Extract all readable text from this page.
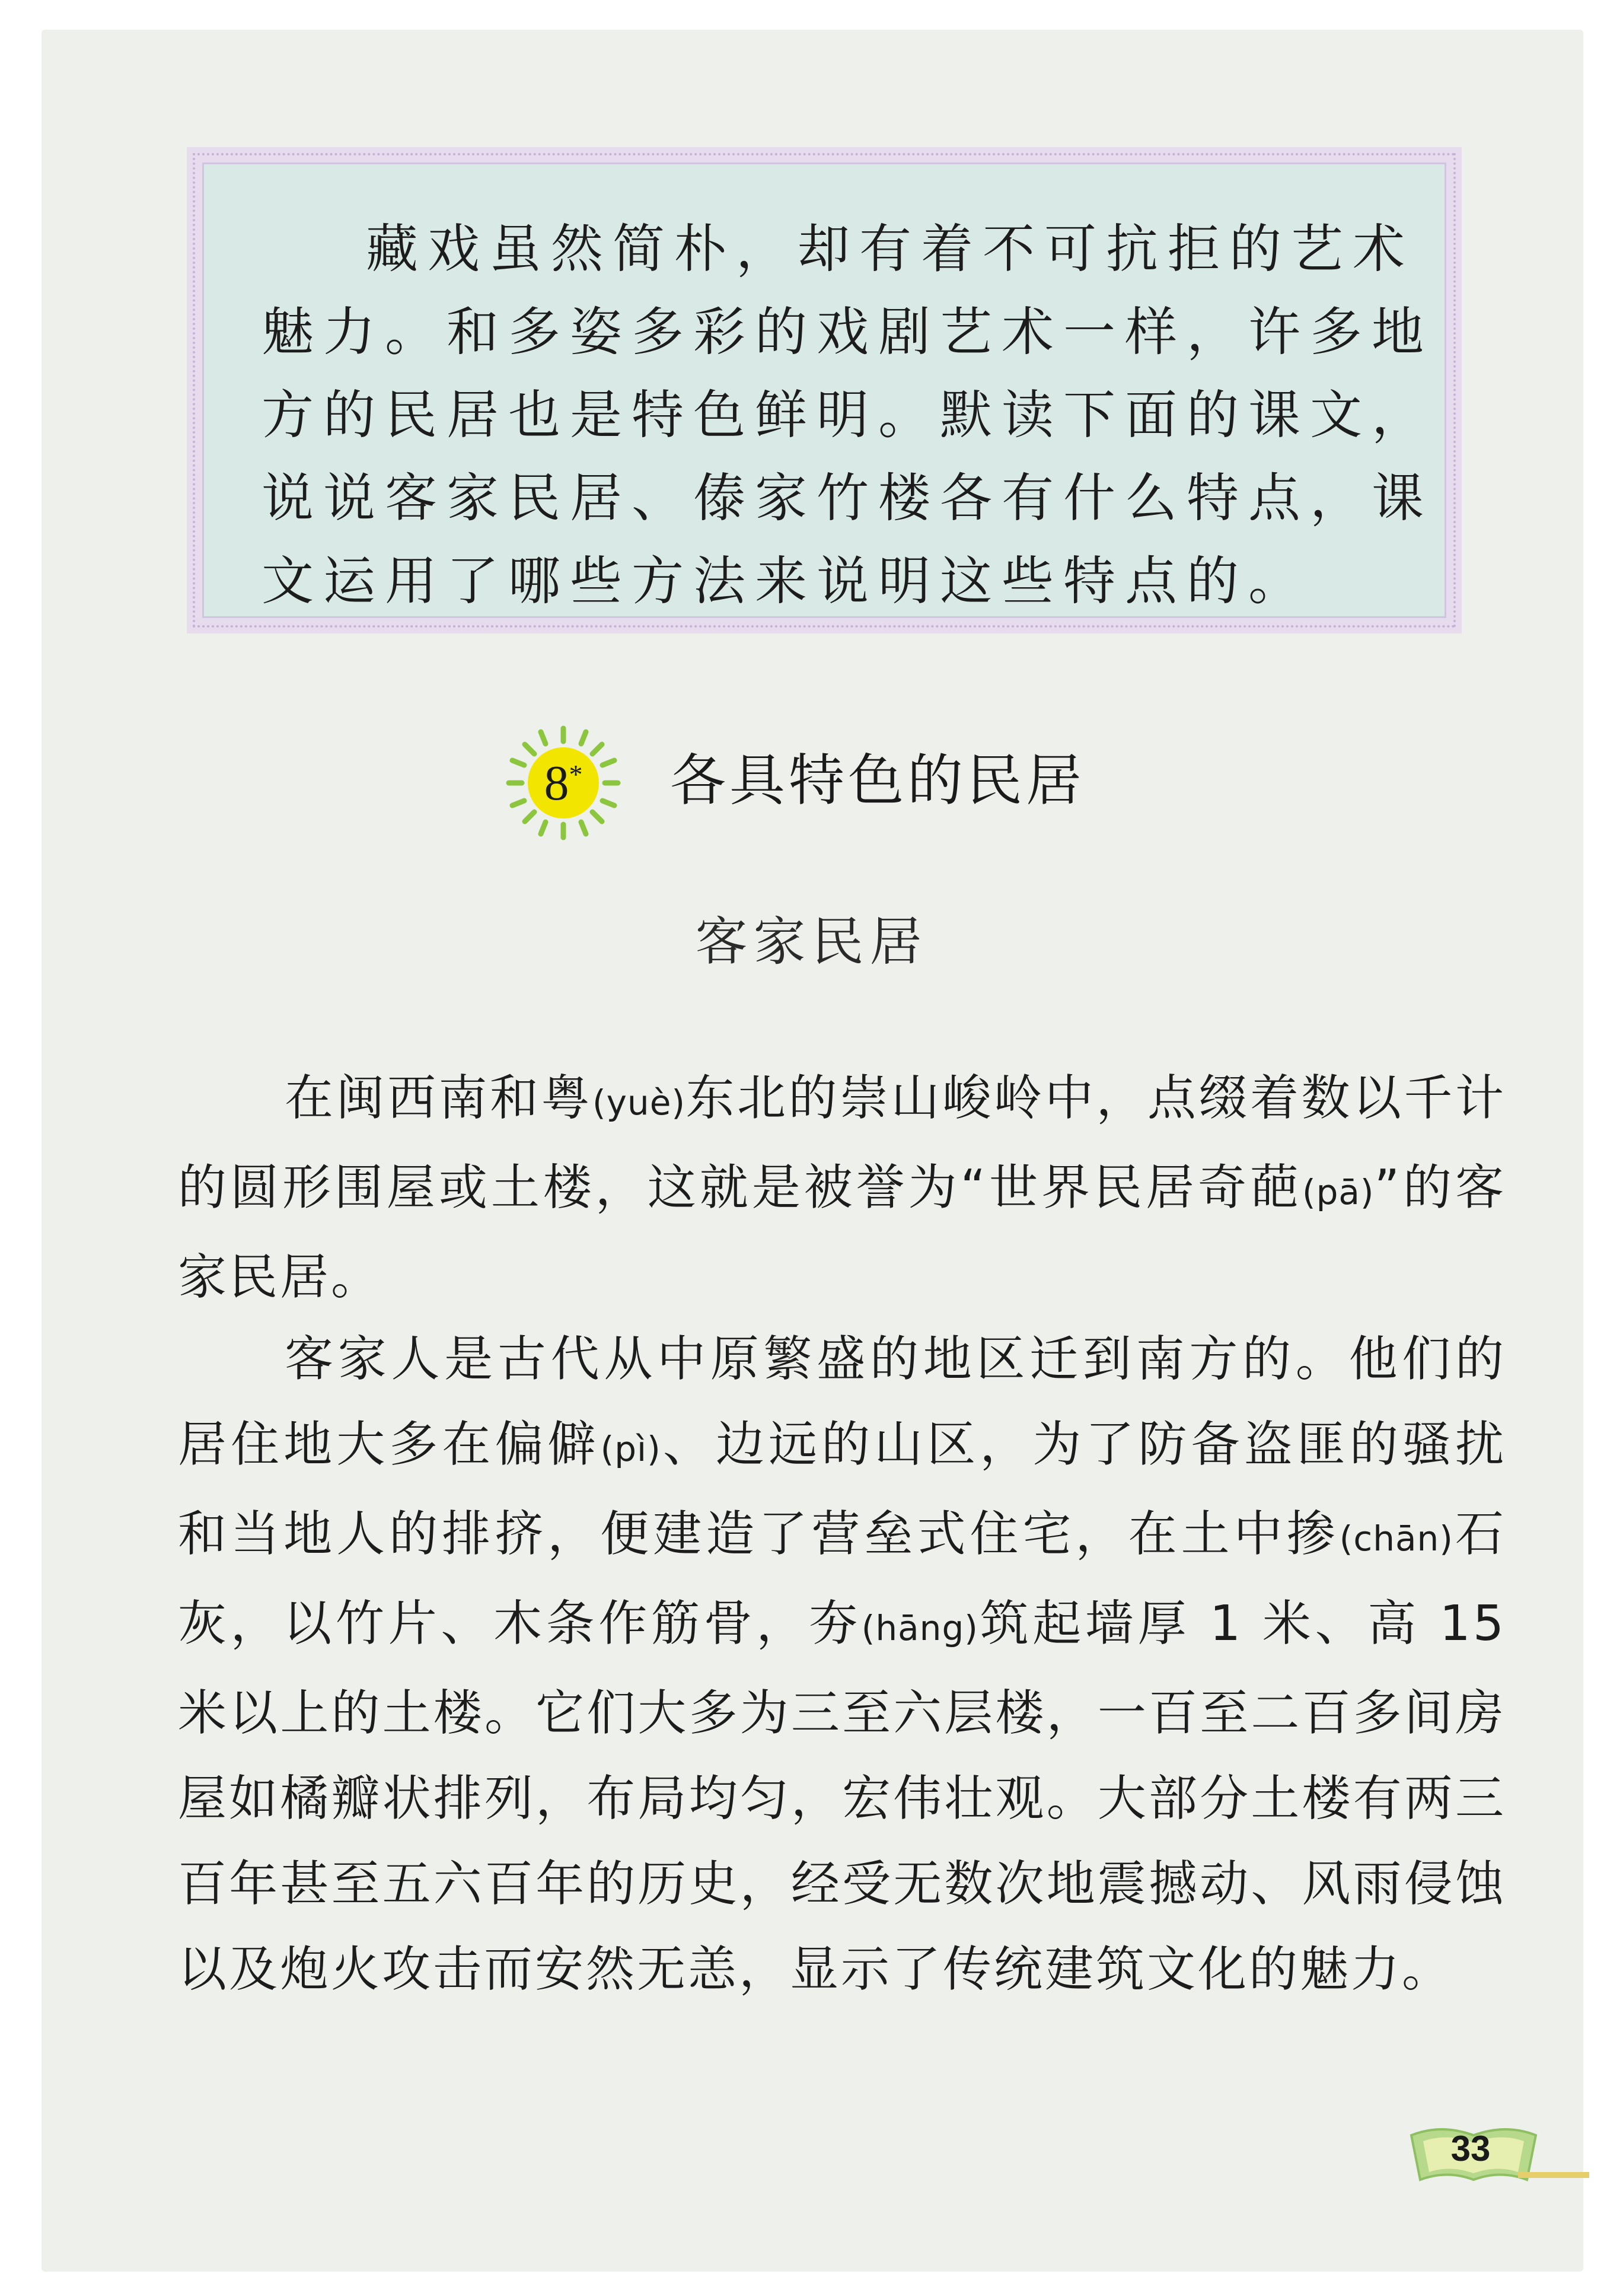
藏戏虽然简朴，却有着不可抗拒的艺术魅力。和多姿多彩的戏剧艺术一样，许多地方的民居也是特色鲜明。默读下面的课文，说说客家民居、傣家竹楼各有什么特点，课文运用了哪些方法来说明这些特点的。

8 * 各具特色的民居
客家民居

在闽西南和粤(yuè)东北的崇山峻岭中，点缀着数以千计的圆形围屋或土楼，这就是被誉为“世界民居奇葩(pā)”的客家民居。

客家人是古代从中原繁盛的地区迁到南方的。他们的居住地大多在偏僻(pì)、边远的山区，为了防备盗匪的骚扰和当地人的排挤，便建造了营垒式住宅，在土中掺(chān)石灰，以竹片、木条作筋骨，夯(hāng)筑起墙厚 1 米、高 15 米以上的土楼。它们大多为三至六层楼，一百至二百多间房屋如橘瓣状排列，布局均匀，宏伟壮观。大部分土楼有两三百年甚至五六百年的历史，经受无数次地震撼动、风雨侵蚀以及炮火攻击而安然无恙，显示了传统建筑文化的魅力。

33
